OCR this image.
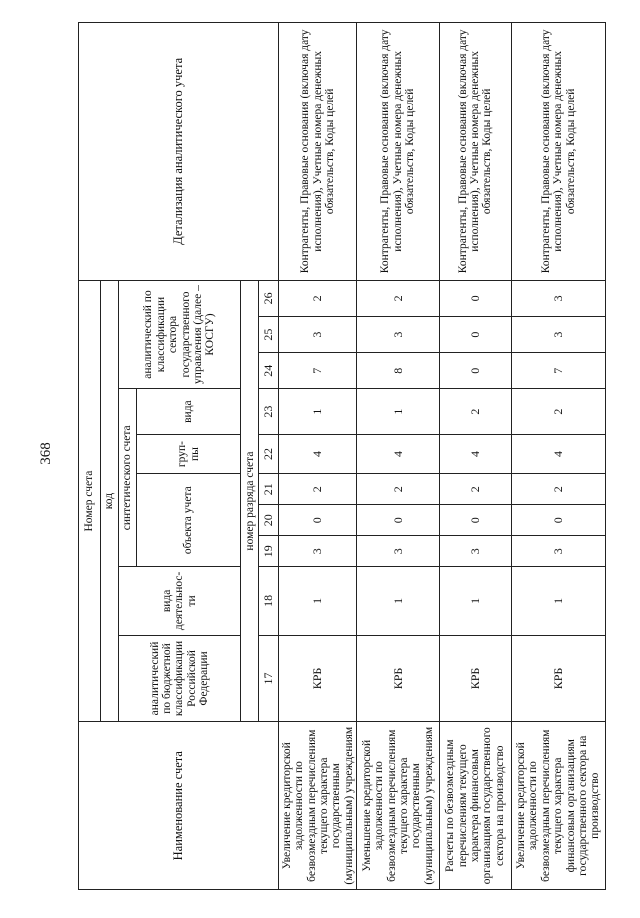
368
Наименование счета	Номер счета										Детализация аналитического учета
	код										
	аналитический по бюджетной классификации Российской Федерации	вида деятельнос-ти	синтетического счета					аналитический по классификации сектора государственного управления (далее – КОСГУ)			
			объекта учета			груп-пы	вида				
	номер разряда счета										
	17	18	19	20	21	22	23	24	25	26	
Увеличение кредиторской задолженности по безвозмездным перечислениям текущего характера государственным (муниципальным) учреждениям	КРБ	1	3	0	2	4	1	7	3	2	Контрагенты, Правовые основания (включая дату исполнения), Учетные номера денежных обязательств, Коды целей
Уменьшение кредиторской задолженности по безвозмездным перечислениям текущего характера государственным (муниципальным) учреждениям	КРБ	1	3	0	2	4	1	8	3	2	Контрагенты, Правовые основания (включая дату исполнения), Учетные номера денежных обязательств, Коды целей
Расчеты по безвозмездным перечислениям текущего характера финансовым организациям государственного сектора на производство	КРБ	1	3	0	2	4	2	0	0	0	Контрагенты, Правовые основания (включая дату исполнения), Учетные номера денежных обязательств, Коды целей
Увеличение кредиторской задолженности по безвозмездным перечислениям текущего характера финансовым организациям государственного сектора на производство	КРБ	1	3	0	2	4	2	7	3	3	Контрагенты, Правовые основания (включая дату исполнения), Учетные номера денежных обязательств, Коды целей
